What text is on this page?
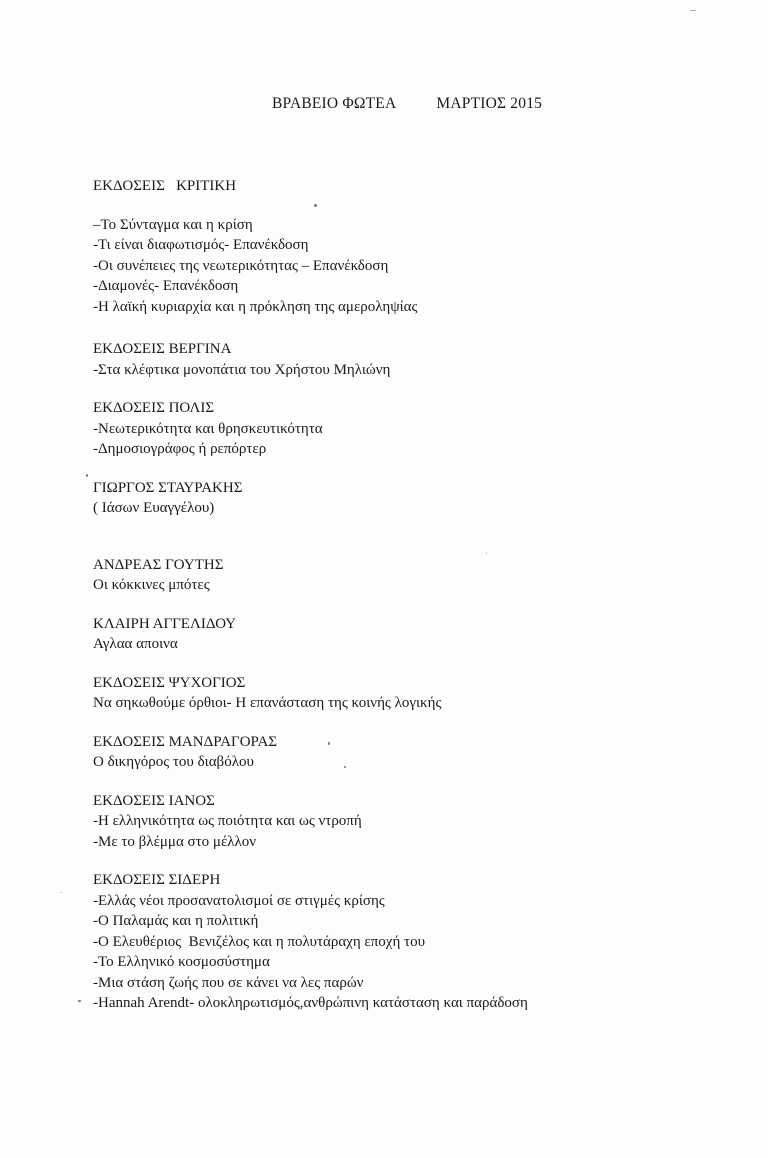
ΒΡΑΒΕΙΟ ΦΩΤΕΑ	ΜΑΡΤΙΟΣ 2015
ΕΚΔΟΣΕΙΣ   ΚΡΙΤΙΚΗ
–Το Σύνταγμα και η κρίση
-Τι είναι διαφωτισμός- Επανέκδοση
-Οι συνέπειες της νεωτερικότητας – Επανέκδοση
-Διαμονές- Επανέκδοση
-Η λαϊκή κυριαρχία και η πρόκληση της αμεροληψίας
ΕΚΔΟΣΕΙΣ ΒΕΡΓΙΝΑ
-Στα κλέφτικα μονοπάτια του Χρήστου Μηλιώνη
ΕΚΔΟΣΕΙΣ ΠΟΛΙΣ
-Νεωτερικότητα και θρησκευτικότητα
-Δημοσιογράφος ή ρεπόρτερ
ΓΙΩΡΓΟΣ ΣΤΑΥΡΑΚΗΣ
( Ιάσων Ευαγγέλου)
ΑΝΔΡΕΑΣ ΓΟΥΤΗΣ
Οι κόκκινες μπότες
ΚΛΑΙΡΗ ΑΓΓΕΛΙΔΟΥ
Αγλαα αποινα
ΕΚΔΟΣΕΙΣ ΨΥΧΟΓΙΟΣ
Να σηκωθούμε όρθιοι- Η επανάσταση της κοινής λογικής
ΕΚΔΟΣΕΙΣ ΜΑΝΔΡΑΓΟΡΑΣ
Ο δικηγόρος του διαβόλου
ΕΚΔΟΣΕΙΣ ΙΑΝΟΣ
-Η ελληνικότητα ως ποιότητα και ως ντροπή
-Με το βλέμμα στο μέλλον
ΕΚΔΟΣΕΙΣ ΣΙΔΕΡΗ
-Ελλάς νέοι προσανατολισμοί σε στιγμές κρίσης
-Ο Παλαμάς και η πολιτική
-Ο Ελευθέριος  Βενιζέλος και η πολυτάραχη εποχή του
-Το Ελληνικό κοσμοσύστημα
-Μια στάση ζωής που σε κάνει να λες παρών
-Hannah Arendt- ολοκληρωτισμός,ανθρώπινη κατάσταση και παράδοση
